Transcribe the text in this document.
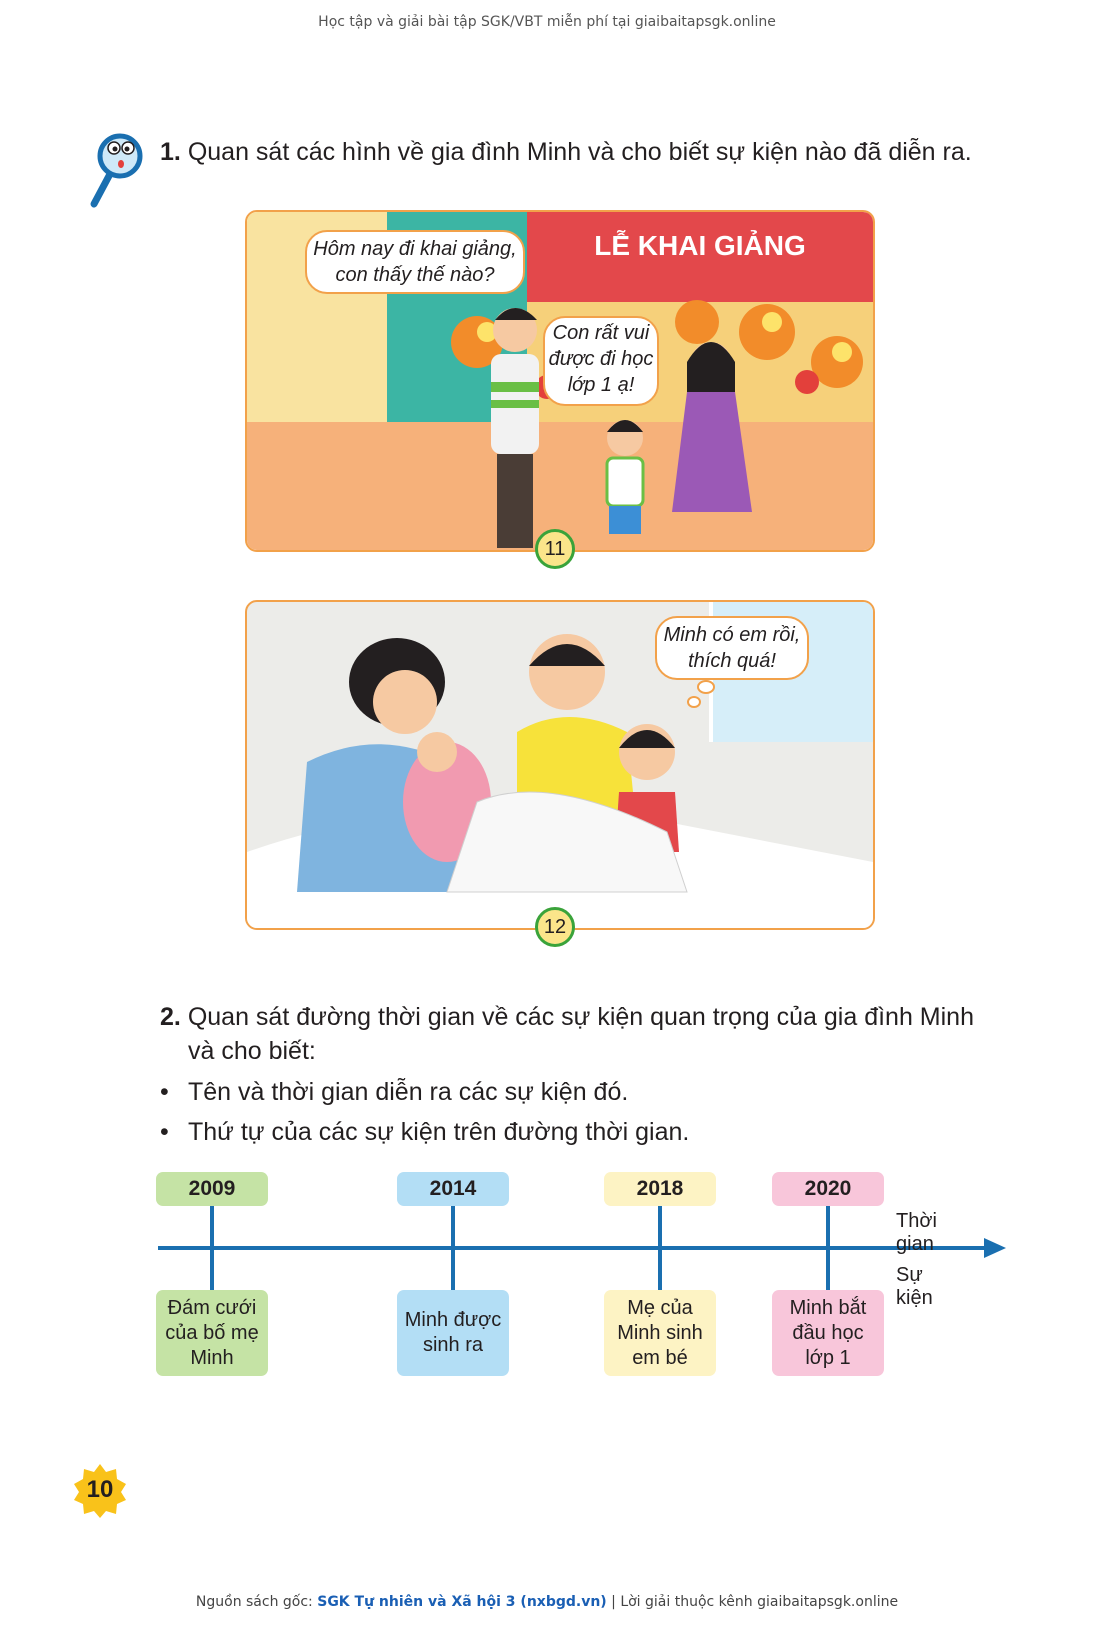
Học tập và giải bài tập SGK/VBT miễn phí tại giaibaitapsgk.online
1. Quan sát các hình về gia đình Minh và cho biết sự kiện nào đã diễn ra.
LỄ KHAI GIẢNG
Hôm nay đi khai giảng,
con thấy thế nào?
Con rất vui
được đi học
lớp 1 ạ!
11
Minh có em rồi,
thích quá!
12
2. Quan sát đường thời gian về các sự kiện quan trọng của gia đình Minh
và cho biết:
• Tên và thời gian diễn ra các sự kiện đó.
• Thứ tự của các sự kiện trên đường thời gian.
Thời gian
Sự kiện
2009
Đám cưới
của bố mẹ
Minh
2014
Minh được
sinh ra
2018
Mẹ của
Minh sinh
em bé
2020
Minh bắt
đầu học
lớp 1
10
Nguồn sách gốc: SGK Tự nhiên và Xã hội 3 (nxbgd.vn) | Lời giải thuộc kênh giaibaitapsgk.online
